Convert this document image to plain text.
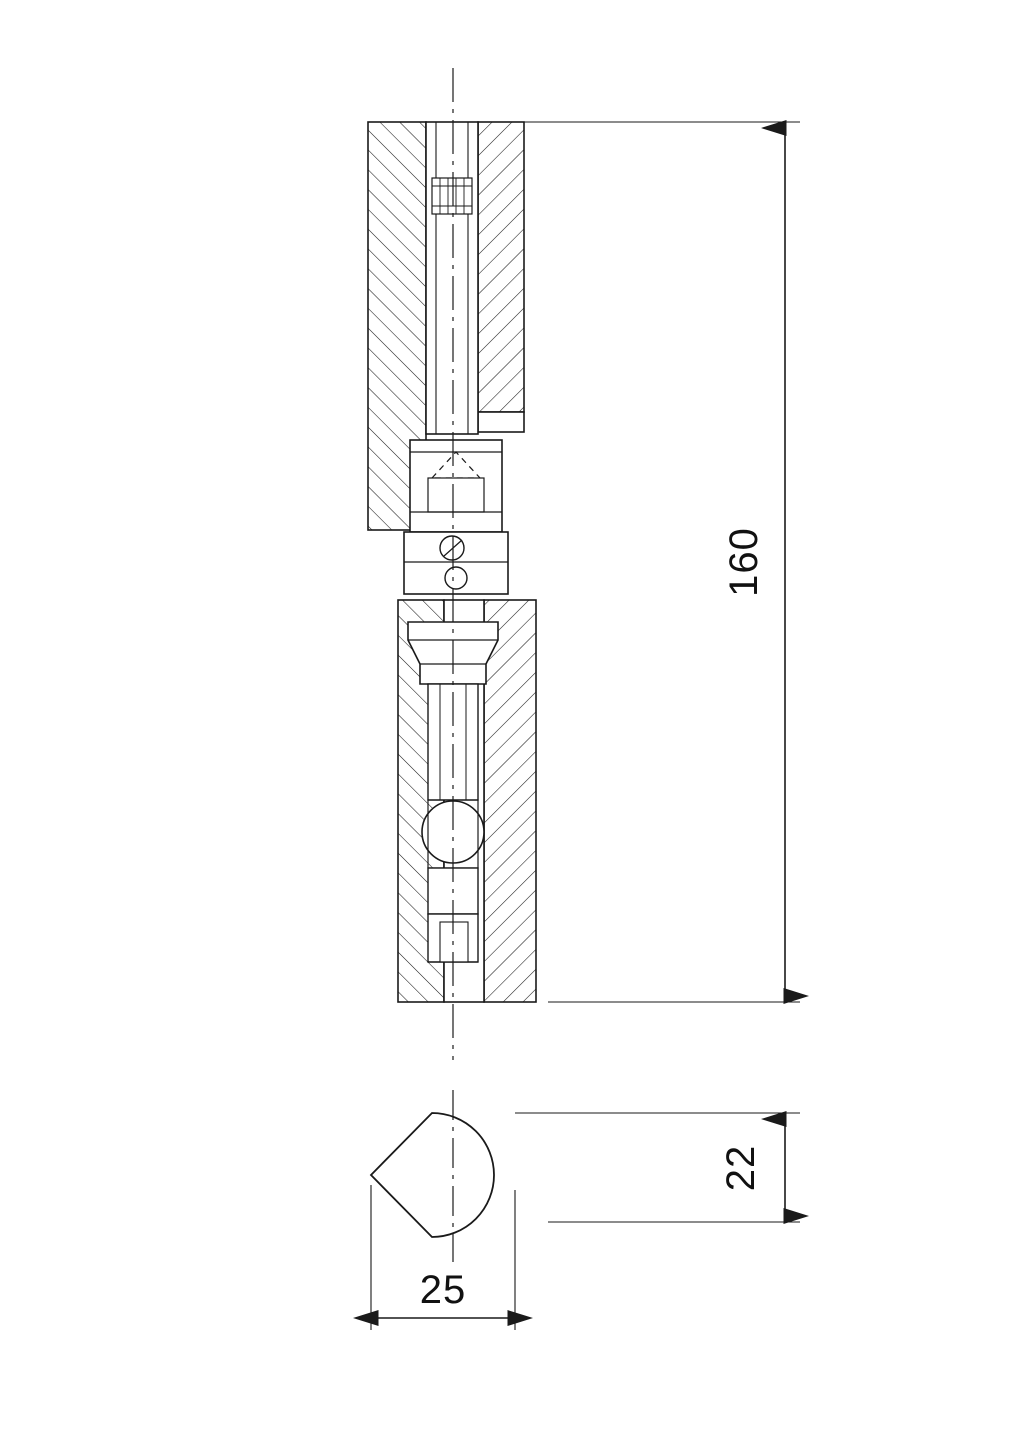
160
22
25
